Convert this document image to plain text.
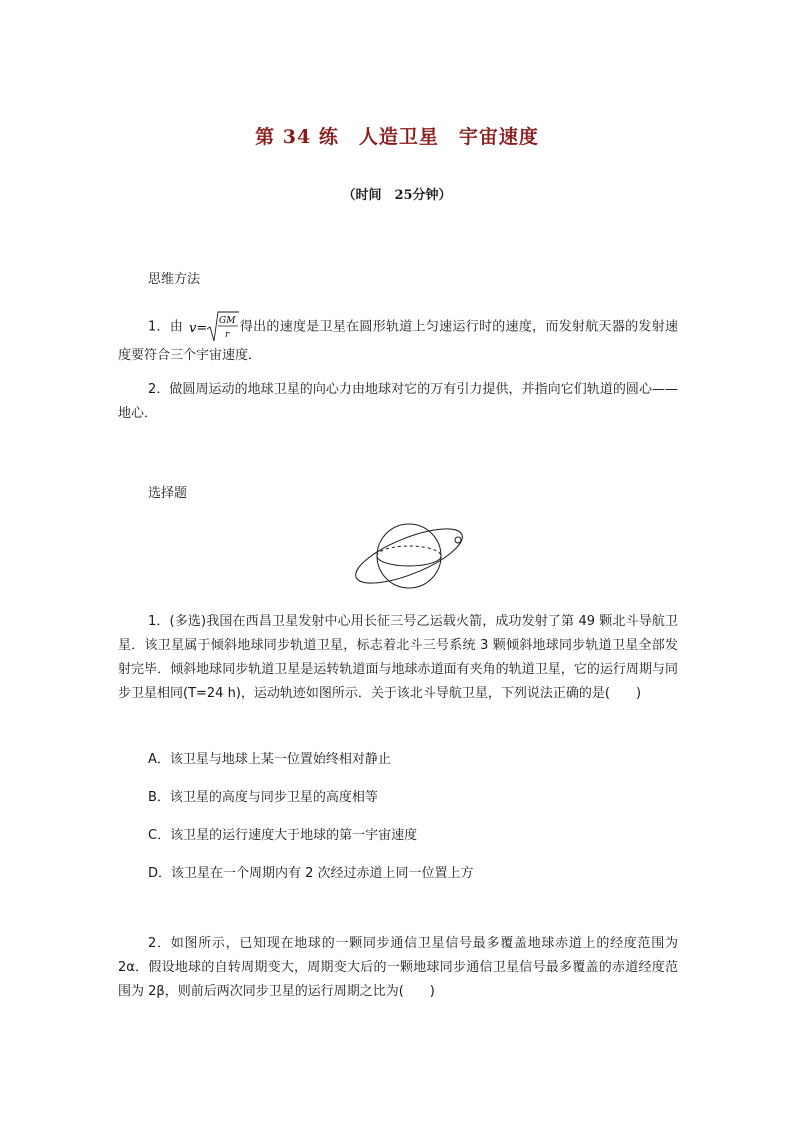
第 34 练　人造卫星　宇宙速度
（时间　25分钟）
思维方法
1．由 v= GM
r
得出的速度是卫星在圆形轨道上匀速运行时的速度，而发射航天器的发射速度要符合三个宇宙速度．
2．做圆周运动的地球卫星的向心力由地球对它的万有引力提供，并指向它们轨道的圆心——地心．
选择题
1．(多选)我国在西昌卫星发射中心用长征三号乙运载火箭，成功发射了第 49 颗北斗导航卫星．该卫星属于倾斜地球同步轨道卫星，标志着北斗三号系统 3 颗倾斜地球同步轨道卫星全部发射完毕．倾斜地球同步轨道卫星是运转轨道面与地球赤道面有夹角的轨道卫星，它的运行周期与同步卫星相同(T=24 h)，运动轨迹如图所示．关于该北斗导航卫星，下列说法正确的是(　　)
A．该卫星与地球上某一位置始终相对静止
B．该卫星的高度与同步卫星的高度相等
C．该卫星的运行速度大于地球的第一宇宙速度
D．该卫星在一个周期内有 2 次经过赤道上同一位置上方
2．如图所示，已知现在地球的一颗同步通信卫星信号最多覆盖地球赤道上的经度范围为 2α．假设地球的自转周期变大，周期变大后的一颗地球同步通信卫星信号最多覆盖的赤道经度范围为 2β，则前后两次同步卫星的运行周期之比为(　　)
